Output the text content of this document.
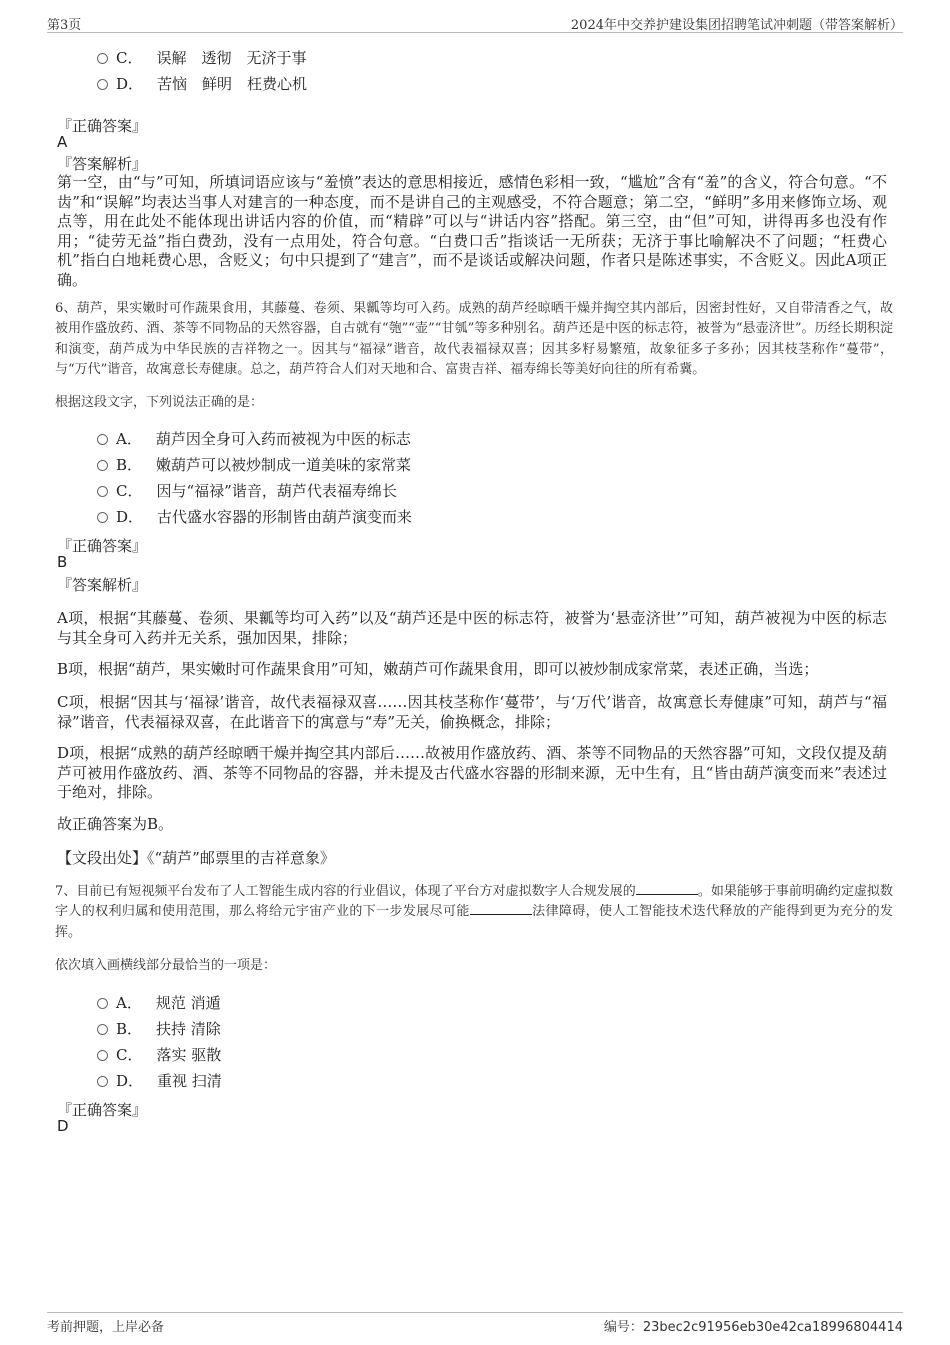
第3页	2024年中交养护建设集团招聘笔试冲刺题（带答案解析）
C． 误解　透彻　无济于事
D． 苦恼　鲜明　枉费心机
『正确答案』
A
『答案解析』
第一空，由“与”可知，所填词语应该与“羞愤”表达的意思相接近，感情色彩相一致，“尴尬”含有“羞”的含义，符合句意。“不齿”和“误解”均表达当事人对建言的一种态度，而不是讲自己的主观感受，不符合题意；第二空，“鲜明”多用来修饰立场、观点等，用在此处不能体现出讲话内容的价值，而“精辟”可以与“讲话内容”搭配。第三空，由“但”可知，讲得再多也没有作用；“徒劳无益”指白费劲，没有一点用处，符合句意。“白费口舌”指谈话一无所获；无济于事比喻解决不了问题；“枉费心机”指白白地耗费心思，含贬义；句中只提到了“建言”，而不是谈话或解决问题，作者只是陈述事实，不含贬义。因此A项正确。
6、葫芦，果实嫩时可作蔬果食用，其藤蔓、卷须、果瓤等均可入药。成熟的葫芦经晾晒干燥并掏空其内部后，因密封性好，又自带清香之气，故被用作盛放药、酒、茶等不同物品的天然容器，自古就有“匏”“壶”“甘瓠”等多种别名。葫芦还是中医的标志符，被誉为“悬壶济世”。历经长期积淀和演变，葫芦成为中华民族的吉祥物之一。因其与“福禄”谐音，故代表福禄双喜；因其多籽易繁殖，故象征多子多孙；因其枝茎称作“蔓带”，与“万代”谐音，故寓意长寿健康。总之，葫芦符合人们对天地和合、富贵吉祥、福寿绵长等美好向往的所有希冀。
根据这段文字，下列说法正确的是：
A． 葫芦因全身可入药而被视为中医的标志
B． 嫩葫芦可以被炒制成一道美味的家常菜
C． 因与“福禄”谐音，葫芦代表福寿绵长
D． 古代盛水容器的形制皆由葫芦演变而来
『正确答案』
B
『答案解析』
A项，根据“其藤蔓、卷须、果瓤等均可入药”以及“葫芦还是中医的标志符，被誉为‘悬壶济世’”可知，葫芦被视为中医的标志与其全身可入药并无关系，强加因果，排除；
B项，根据“葫芦，果实嫩时可作蔬果食用”可知，嫩葫芦可作蔬果食用，即可以被炒制成家常菜，表述正确，当选；
C项，根据“因其与‘福禄’谐音，故代表福禄双喜……因其枝茎称作‘蔓带’，与‘万代’谐音，故寓意长寿健康”可知，葫芦与“福禄”谐音，代表福禄双喜，在此谐音下的寓意与“寿”无关，偷换概念，排除；
D项，根据“成熟的葫芦经晾晒干燥并掏空其内部后……故被用作盛放药、酒、茶等不同物品的天然容器”可知，文段仅提及葫芦可被用作盛放药、酒、茶等不同物品的容器，并未提及古代盛水容器的形制来源，无中生有，且“皆由葫芦演变而来”表述过于绝对，排除。
故正确答案为B。
【文段出处】《“葫芦”邮票里的吉祥意象》
7、目前已有短视频平台发布了人工智能生成内容的行业倡议，体现了平台方对虚拟数字人合规发展的	。如果能够于事前明确约定虚拟数字人的权利归属和使用范围，那么将给元宇宙产业的下一步发展尽可能	法律障碍，使人工智能技术迭代释放的产能得到更为充分的发挥。
依次填入画横线部分最恰当的一项是：
A． 规范 消遁
B． 扶持 清除
C． 落实 驱散
D． 重视 扫清
『正确答案』
D
考前押题，上岸必备	编号：23bec2c91956eb30e42ca18996804414
